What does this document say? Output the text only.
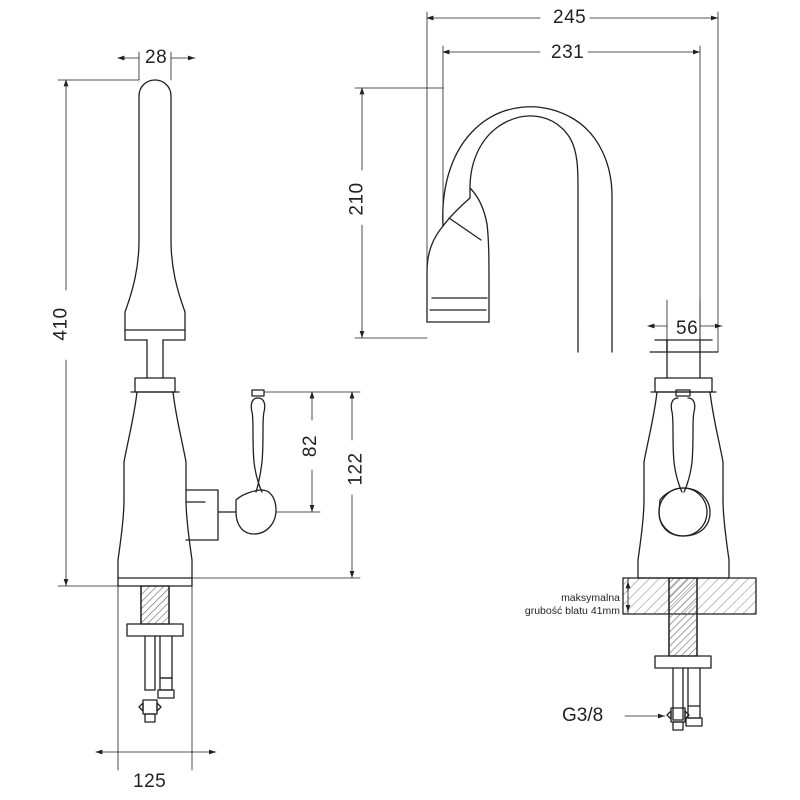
28
410
82
122
125
245
231
210
56
maksymalna
grubość blatu 41mm
G3/8
